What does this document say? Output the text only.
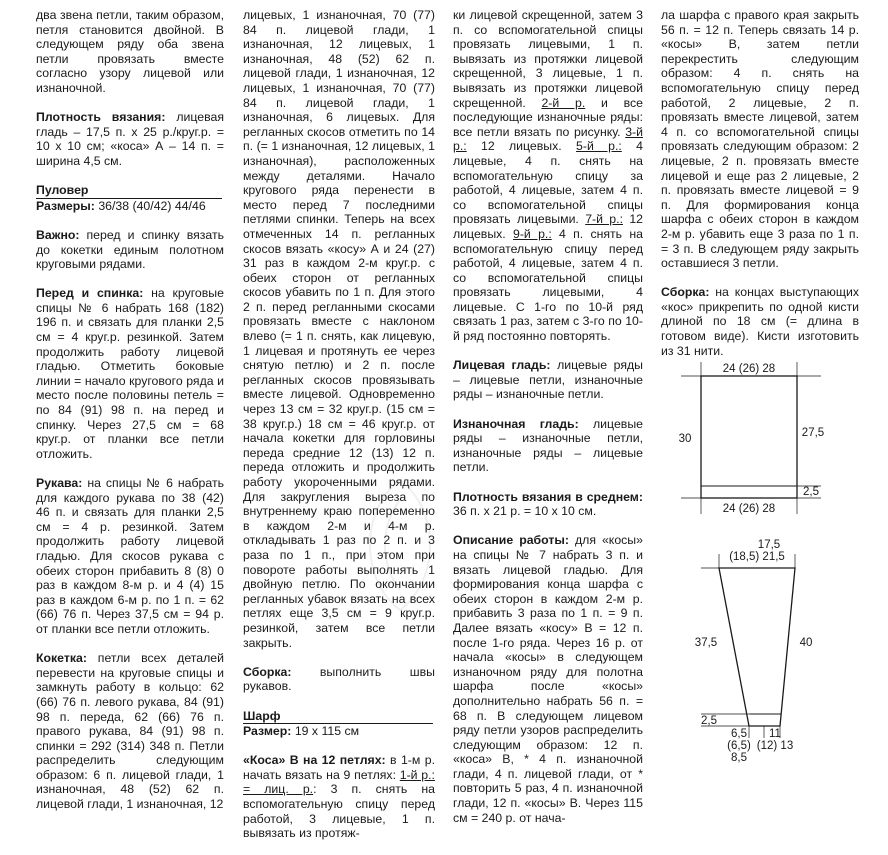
два звена петли, таким образом, петля становится двойной. В следующем ряду оба звена петли провязать вместе согласно узору лицевой или изнаночной.

Плотность вязания: лицевая гладь – 17,5 п. х 25 р./круг.р. = 10 х 10 см; «коса» А – 14 п. = ширина 4,5 см.

Пуловер

Размеры: 36/38 (40/42) 44/46

Важно: перед и спинку вязать до кокетки единым полотном круговыми рядами.

Перед и спинка: на круговые спицы № 6 набрать 168 (182) 196 п. и связать для планки 2,5 см = 4 круг.р. резинкой. Затем продолжить работу лицевой гладью. Отметить боковые линии = начало кругового ряда и место после половины петель = по 84 (91) 98 п. на перед и спинку. Через 27,5 см = 68 круг.р. от планки все петли отложить.

Рукава: на спицы № 6 набрать для каждого рукава по 38 (42) 46 п. и связать для планки 2,5 см = 4 р. резинкой. Затем продолжить работу лицевой гладью. Для скосов рукава с обеих сторон прибавить 8 (8) 0 раз в каждом 8-м р. и 4 (4) 15 раз в каждом 6-м р. по 1 п. = 62 (66) 76 п. Через 37,5 см = 94 р. от планки все петли отложить.

Кокетка: петли всех деталей перевести на круговые спицы и замкнуть работу в кольцо: 62 (66) 76 п. левого рукава, 84 (91) 98 п. переда, 62 (66) 76 п. правого рукава, 84 (91) 98 п. спинки = 292 (314) 348 п. Петли распределить следующим образом: 6 п. лицевой глади, 1 изнаночная, 48 (52) 62 п. лицевой глади, 1 изнаночная, 12

лицевых, 1 изнаночная, 70 (77) 84 п. лицевой глади, 1 изнаночная, 12 лицевых, 1 изнаночная, 48 (52) 62 п. лицевой глади, 1 изнаночная, 12 лицевых, 1 изнаночная, 70 (77) 84 п. лицевой глади, 1 изнаночная, 6 лицевых. Для регланных скосов отметить по 14 п. (= 1 изнаночная, 12 лицевых, 1 изнаночная), расположенных между деталями. Начало кругового ряда перенести в место перед 7 последними петлями спинки. Теперь на всех отмеченных 14 п. регланных скосов вязать «косу» А и 24 (27) 31 раз в каждом 2-м круг.р. с обеих сторон от регланных скосов убавить по 1 п. Для этого 2 п. перед регланными скосами провязать вместе с наклоном влево (= 1 п. снять, как лицевую, 1 лицевая и протянуть ее через снятую петлю) и 2 п. после регланных скосов провязывать вместе лицевой. Одновременно через 13 см = 32 круг.р. (15 см = 38 круг.р.) 18 см = 46 круг.р. от начала кокетки для горловины переда средние 12 (13) 12 п. переда отложить и продолжить работу укороченными рядами. Для закругления выреза по внутреннему краю попеременно в каждом 2-м и 4-м р. откладывать 1 раз по 2 п. и 3 раза по 1 п., при этом при повороте работы выполнять 1 двойную петлю. По окончании регланных убавок вязать на всех петлях еще 3,5 см = 9 круг.р. резинкой, затем все петли закрыть.

Сборка: выполнить швы рукавов.

Шарф

Размер: 19 х 115 см

«Коса» В на 12 петлях: в 1-м р. начать вязать на 9 петлях: 1-й р.: = лиц. р.: 3 п. снять на вспомогательную спицу перед работой, 3 лицевые, 1 п. вывязать из протяж-

ки лицевой скрещенной, затем 3 п. со вспомогательной спицы провязать лицевыми, 1 п. вывязать из протяжки лицевой скрещенной, 3 лицевые, 1 п. вывязать из протяжки лицевой скрещенной. 2-й р. и все последующие изнаночные ряды: все петли вязать по рисунку. 3-й р.: 12 лицевых. 5-й р.: 4 лицевые, 4 п. снять на вспомогательную спицу за работой, 4 лицевые, затем 4 п. со вспомогательной спицы провязать лицевыми. 7-й р.: 12 лицевых. 9-й р.: 4 п. снять на вспомогательную спицу перед работой, 4 лицевые, затем 4 п. со вспомогательной спицы провязать лицевыми, 4 лицевые. С 1-го по 10-й ряд связать 1 раз, затем с 3-го по 10-й ряд постоянно повторять.

Лицевая гладь: лицевые ряды – лицевые петли, изнаночные ряды – изнаночные петли.

Изнаночная гладь: лицевые ряды – изнаночные петли, изнаночные ряды – лицевые петли.

Плотность вязания в среднем: 36 п. х 21 р. = 10 х 10 см.

Описание работы: для «косы» на спицы № 7 набрать 3 п. и вязать лицевой гладью. Для формирования конца шарфа с обеих сторон в каждом 2-м р. прибавить 3 раза по 1 п. = 9 п. Далее вязать «косу» В = 12 п. после 1-го ряда. Через 16 р. от начала «косы» в следующем изнаночном ряду для полотна шарфа после «косы» дополнительно набрать 56 п. = 68 п. В следующем лицевом ряду петли узоров распределить следующим образом: 12 п. «коса» В, * 4 п. изнаночной глади, 4 п. лицевой глади, от * повторить 5 раз, 4 п. изнаночной глади, 12 п. «косы» В. Через 115 см = 240 р. от нача-

ла шарфа с правого края закрыть 56 п. = 12 п. Теперь связать 14 р. «косы» В, затем петли перекрестить следующим образом: 4 п. снять на вспомогательную спицу перед работой, 2 лицевые, 2 п. провязать вместе лицевой, затем 4 п. со вспомогательной спицы провязать следующим образом: 2 лицевые, 2 п. провязать вместе лицевой и еще раз 2 лицевые, 2 п. провязать вместе лицевой = 9 п. Для формирования конца шарфа с обеих сторон в каждом 2-м р. убавить еще 3 раза по 1 п. = 3 п. В следующем ряду закрыть оставшиеся 3 петли.

Сборка: на концах выступающих «кос» прикрепить по одной кисти длиной по 18 см (= длина в готовом виде). Кисти изготовить из 31 нити.

24 (26) 28
30	27,5
2,5
24 (26) 28
17,5
(18,5) 21,5
37,5	40
2,5
6,5
(6,5)
8,5
11
(12) 13
